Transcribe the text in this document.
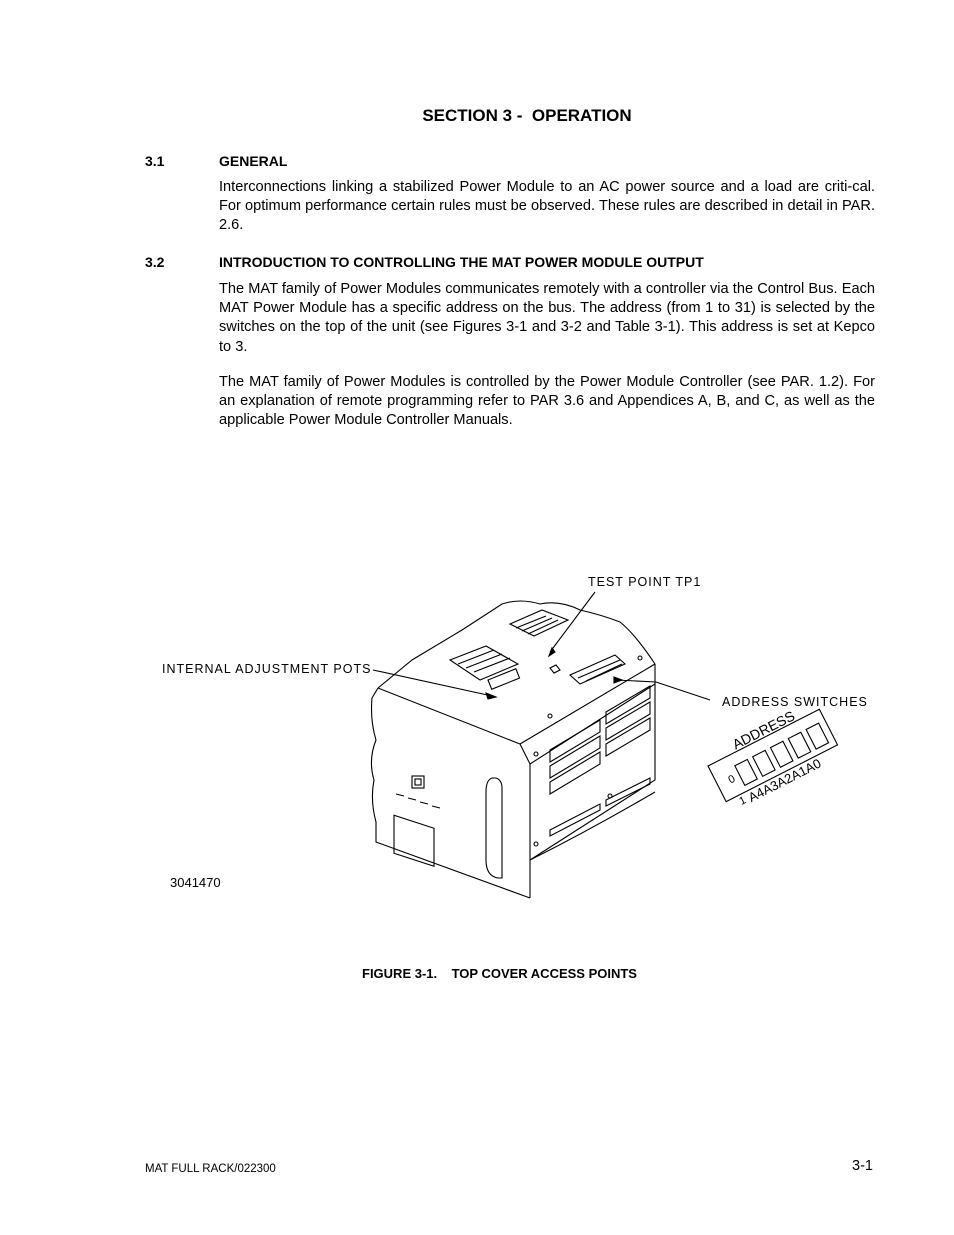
SECTION 3 -  OPERATION
3.1	GENERAL
Interconnections linking a stabilized Power Module to an AC power source and a load are criti-cal. For optimum performance certain rules must be observed. These rules are described in detail in PAR. 2.6.
3.2	INTRODUCTION TO CONTROLLING THE MAT POWER MODULE OUTPUT
The MAT family of Power Modules communicates remotely with a controller via the Control Bus. Each MAT Power Module has a specific address on the bus. The address (from 1 to 31) is selected by the switches on the top of the unit (see Figures 3-1 and 3-2 and Table 3-1). This address is set at Kepco to 3.
The MAT family of Power Modules is controlled by the Power Module Controller (see PAR. 1.2). For an explanation of remote programming refer to PAR 3.6 and Appendices A, B, and C, as well as the applicable Power Module Controller Manuals.
ADDRESS
0
1
A4A3A2A1A0
TEST POINT TP1
INTERNAL ADJUSTMENT POTS
ADDRESS SWITCHES
3041470
FIGURE 3-1.    TOP COVER ACCESS POINTS
MAT FULL RACK/022300	3-1
